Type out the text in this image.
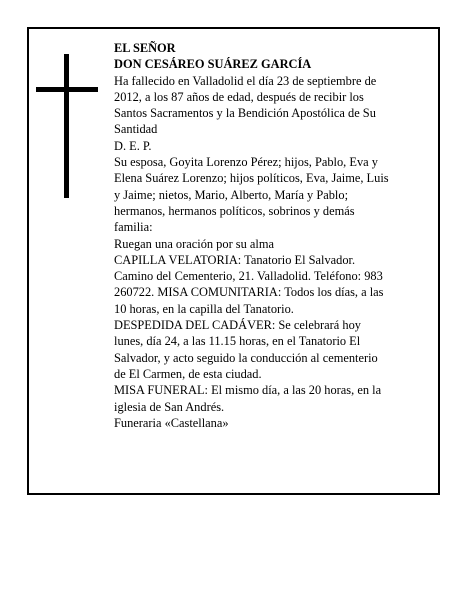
EL SEÑOR
DON CESÁREO SUÁREZ GARCÍA
Ha fallecido en Valladolid el día 23 de septiembre de
2012, a los 87 años de edad, después de recibir los
Santos Sacramentos y la Bendición Apostólica de Su
Santidad
D. E. P.
Su esposa, Goyita Lorenzo Pérez; hijos, Pablo, Eva y
Elena Suárez Lorenzo; hijos políticos, Eva, Jaime, Luis
y Jaime; nietos, Mario, Alberto, María y Pablo;
hermanos, hermanos políticos, sobrinos y demás
familia:
Ruegan una oración por su alma
CAPILLA VELATORIA: Tanatorio El Salvador.
Camino del Cementerio, 21. Valladolid. Teléfono: 983
260722. MISA COMUNITARIA: Todos los días, a las
10 horas, en la capilla del Tanatorio.
DESPEDIDA DEL CADÁVER: Se celebrará hoy
lunes, día 24, a las 11.15 horas, en el Tanatorio El
Salvador, y acto seguido la conducción al cementerio
de El Carmen, de esta ciudad.
MISA FUNERAL: El mismo día, a las 20 horas, en la
iglesia de San Andrés.
Funeraria «Castellana»
